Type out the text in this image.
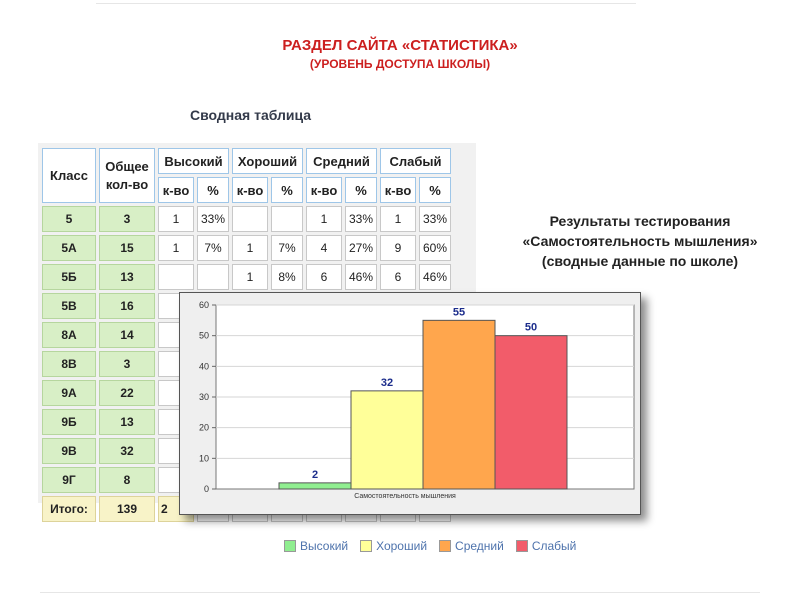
РАЗДЕЛ САЙТА «СТАТИСТИКА»
(УРОВЕНЬ ДОСТУПА ШКОЛЫ)
Сводная таблица
Класс	Общее кол-во	Высокий		Хороший		Средний		Слабый	
		к-во	%	к-во	%	к-во	%	к-во	%
5	3	1	33%			1	33%	1	33%
5А	15	1	7%	1	7%	4	27%	9	60%
5Б	13			1	8%	6	46%	6	46%
5В	16								
8А	14								
8В	3								
9А	22								
9Б	13								
9В	32								
9Г	8								
Итого:	139	2							
Результаты тестирования
«Самостоятельность мышления»
(сводные данные по школе)
0
10
20
30
40
50
60
2
32
55
50
Самостоятельность мышления
Высокий Хороший Средний Слабый
